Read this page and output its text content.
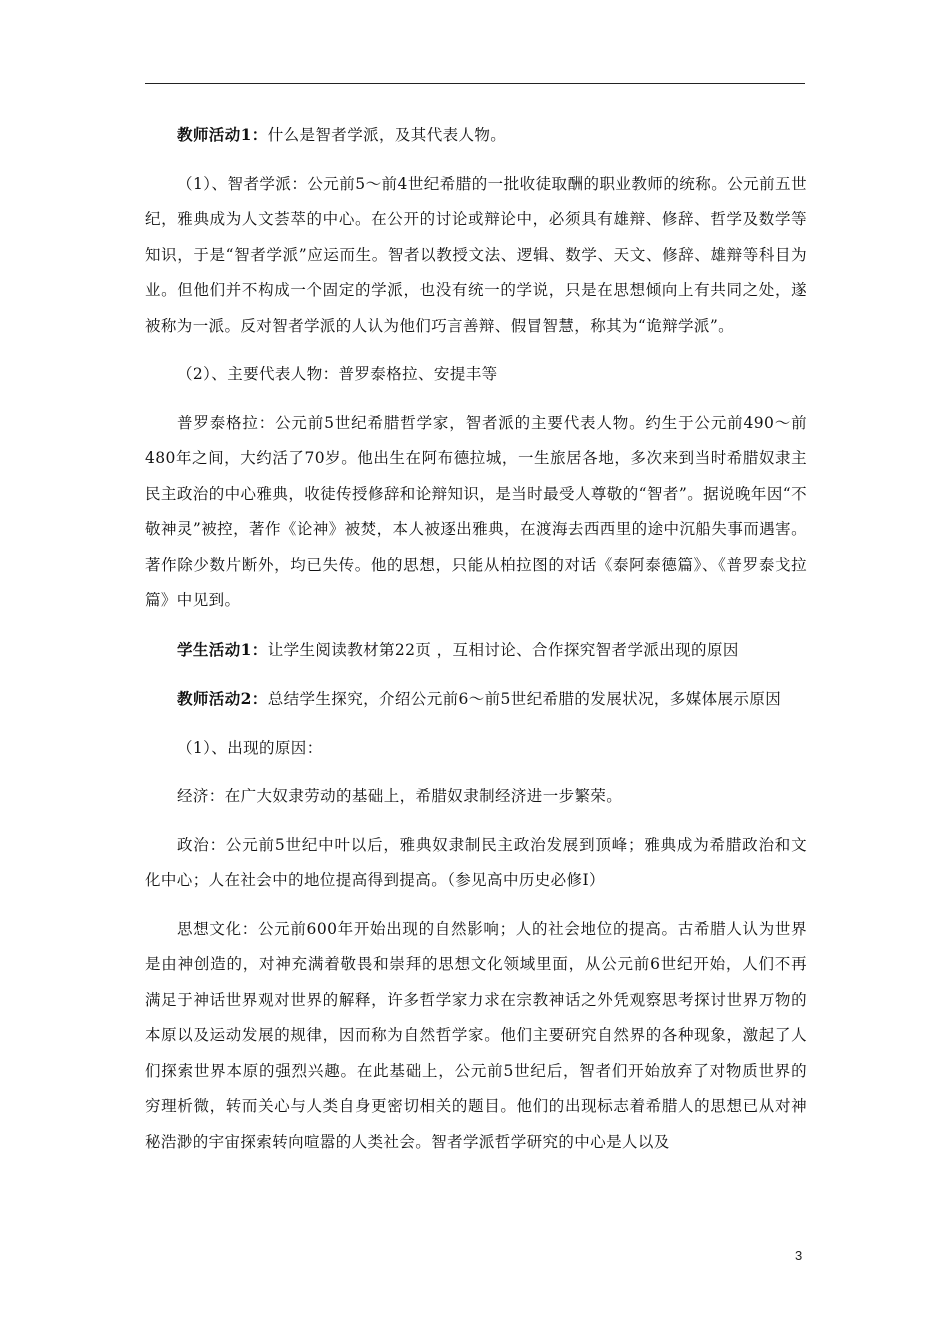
教师活动1：什么是智者学派，及其代表人物。

（1）、智者学派：公元前5～前4世纪希腊的一批收徒取酬的职业教师的统称。公元前五世纪，雅典成为人文荟萃的中心。在公开的讨论或辩论中，必须具有雄辩、修辞、哲学及数学等知识，于是“智者学派”应运而生。智者以教授文法、逻辑、数学、天文、修辞、雄辩等科目为业。但他们并不构成一个固定的学派，也没有统一的学说，只是在思想倾向上有共同之处，遂被称为一派。反对智者学派的人认为他们巧言善辩、假冒智慧，称其为“诡辩学派”。

（2）、主要代表人物：普罗泰格拉、安提丰等

普罗泰格拉：公元前5世纪希腊哲学家，智者派的主要代表人物。约生于公元前490～前480年之间，大约活了70岁。他出生在阿布德拉城，一生旅居各地，多次来到当时希腊奴隶主民主政治的中心雅典，收徒传授修辞和论辩知识，是当时最受人尊敬的“智者”。据说晚年因“不敬神灵”被控，著作《论神》被焚，本人被逐出雅典，在渡海去西西里的途中沉船失事而遇害。著作除少数片断外，均已失传。他的思想，只能从柏拉图的对话《泰阿泰德篇》、《普罗泰戈拉篇》中见到。

学生活动1：让学生阅读教材第22页 ，互相讨论、合作探究智者学派出现的原因

教师活动2：总结学生探究，介绍公元前6～前5世纪希腊的发展状况，多媒体展示原因

（1）、出现的原因：

经济：在广大奴隶劳动的基础上，希腊奴隶制经济进一步繁荣。

政治：公元前5世纪中叶以后，雅典奴隶制民主政治发展到顶峰；雅典成为希腊政治和文化中心；人在社会中的地位提高得到提高。（参见高中历史必修Ⅰ）

思想文化：公元前600年开始出现的自然影响；人的社会地位的提高。古希腊人认为世界是由神创造的，对神充满着敬畏和崇拜的思想文化领域里面，从公元前6世纪开始，人们不再满足于神话世界观对世界的解释，许多哲学家力求在宗教神话之外凭观察思考探讨世界万物的本原以及运动发展的规律，因而称为自然哲学家。他们主要研究自然界的各种现象，激起了人们探索世界本原的强烈兴趣。在此基础上，公元前5世纪后，智者们开始放弃了对物质世界的穷理析微，转而关心与人类自身更密切相关的题目。他们的出现标志着希腊人的思想已从对神秘浩渺的宇宙探索转向喧嚣的人类社会。智者学派哲学研究的中心是人以及

3
